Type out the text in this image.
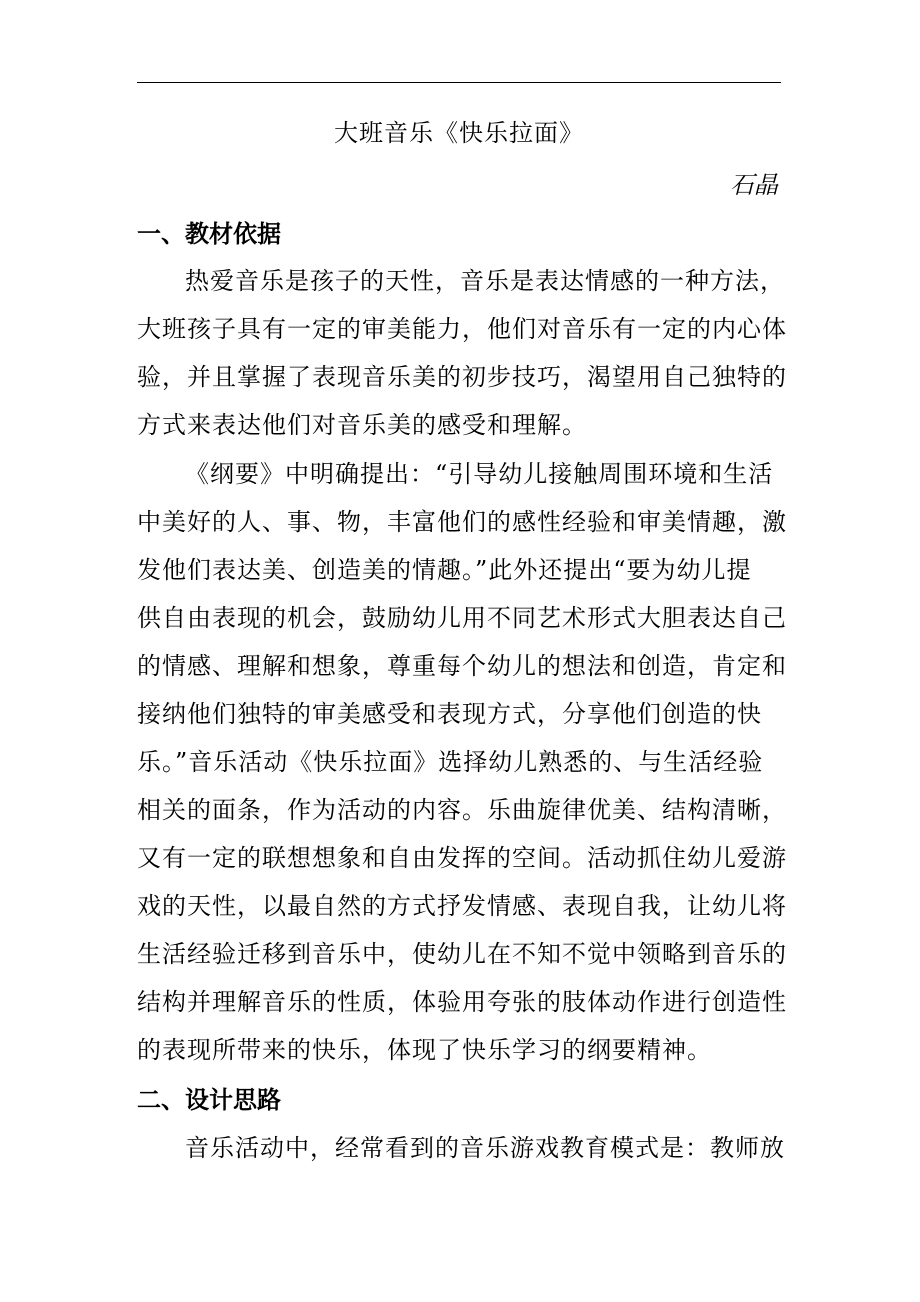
大班音乐《快乐拉面》
石晶
一、教材依据
热爱音乐是孩子的天性，音乐是表达情感的一种方法，
大班孩子具有一定的审美能力，他们对音乐有一定的内心体
验，并且掌握了表现音乐美的初步技巧，渴望用自己独特的
方式来表达他们对音乐美的感受和理解。
《纲要》中明确提出：“引导幼儿接触周围环境和生活
中美好的人、事、物，丰富他们的感性经验和审美情趣，激
发他们表达美、创造美的情趣。”此外还提出“要为幼儿提
供自由表现的机会，鼓励幼儿用不同艺术形式大胆表达自己
的情感、理解和想象，尊重每个幼儿的想法和创造，肯定和
接纳他们独特的审美感受和表现方式，分享他们创造的快
乐。”音乐活动《快乐拉面》选择幼儿熟悉的、与生活经验
相关的面条，作为活动的内容。乐曲旋律优美、结构清晰，
又有一定的联想想象和自由发挥的空间。活动抓住幼儿爱游
戏的天性，以最自然的方式抒发情感、表现自我，让幼儿将
生活经验迁移到音乐中，使幼儿在不知不觉中领略到音乐的
结构并理解音乐的性质，体验用夸张的肢体动作进行创造性
的表现所带来的快乐，体现了快乐学习的纲要精神。
二、设计思路
音乐活动中，经常看到的音乐游戏教育模式是：教师放
